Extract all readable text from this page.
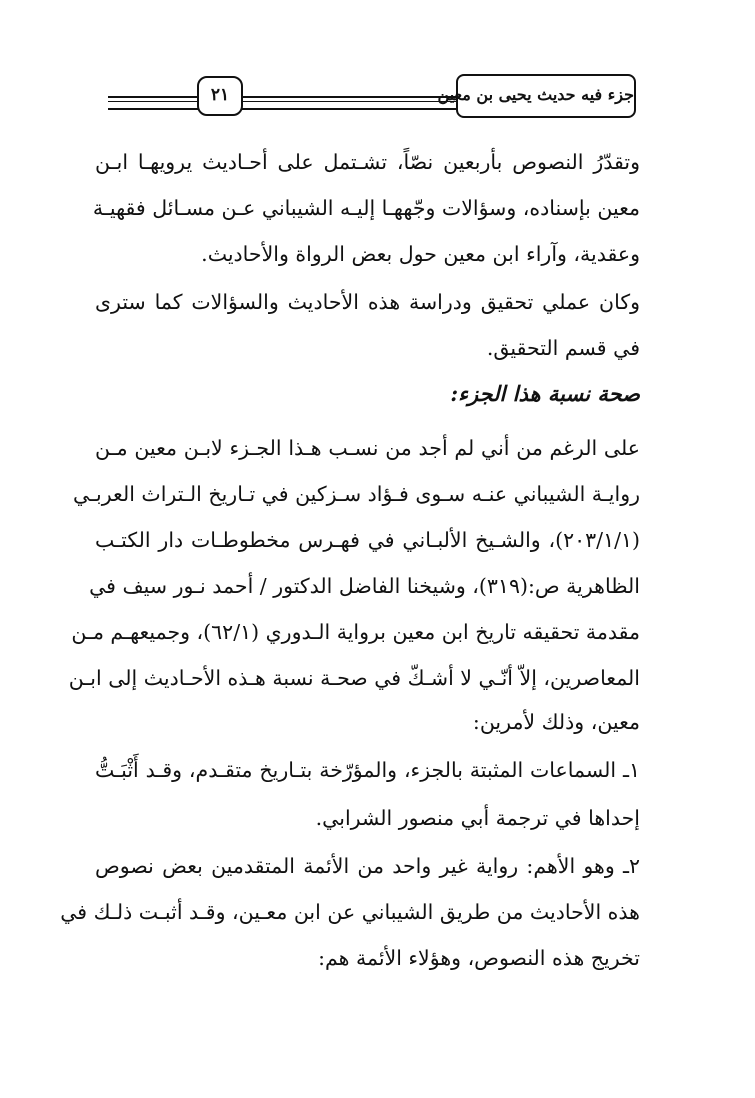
جزء فيه حديث يحيى بن معين
٢١
وتقدّرُ النصوص بأربعين نصّاً، تشـتمل على أحـاديث يرويهـا ابـن
معين بإسناده، وسؤالات وجّههـا إليـه الشيباني عـن مسـائل فقهيـة
وعقدية، وآراء ابن معين حول بعض الرواة والأحاديث.
وكان عملي تحقيق ودراسة هذه الأحاديث والسؤالات كما سترى
في قسم التحقيق.
صحة نسبة هذا الجزء:
على الرغم من أني لم أجد من نسـب هـذا الجـزء لابـن معين مـن
روايـة الشيباني عنـه سـوى فـؤاد سـزكين في تـاريخ الـتراث العربـي
(٢٠٣/١/١)، والشـيخ الألبـاني في فهـرس مخطوطـات دار الكتـب
الظاهرية ص:(٣١٩)، وشيخنا الفاضل الدكتور / أحمد نـور سيف في
مقدمة تحقيقه تاريخ ابن معين برواية الـدوري (٦٢/١)، وجميعهـم مـن
المعاصرين، إلاّ أنّـي لا أشـكّ في صحـة نسبة هـذه الأحـاديث إلى ابـن
معين، وذلك لأمرين:
١ـ السماعات المثبتة بالجزء، والمؤرّخة بتـاريخ متقـدم، وقـد أَثْبَـتُّ
إحداها في ترجمة أبي منصور الشرابي.
٢ـ وهو الأهم: رواية غير واحد من الأئمة المتقدمين بعض نصوص
هذه الأحاديث من طريق الشيباني عن ابن معـين، وقـد أثبـت ذلـك في
تخريج هذه النصوص، وهؤلاء الأئمة هم:
